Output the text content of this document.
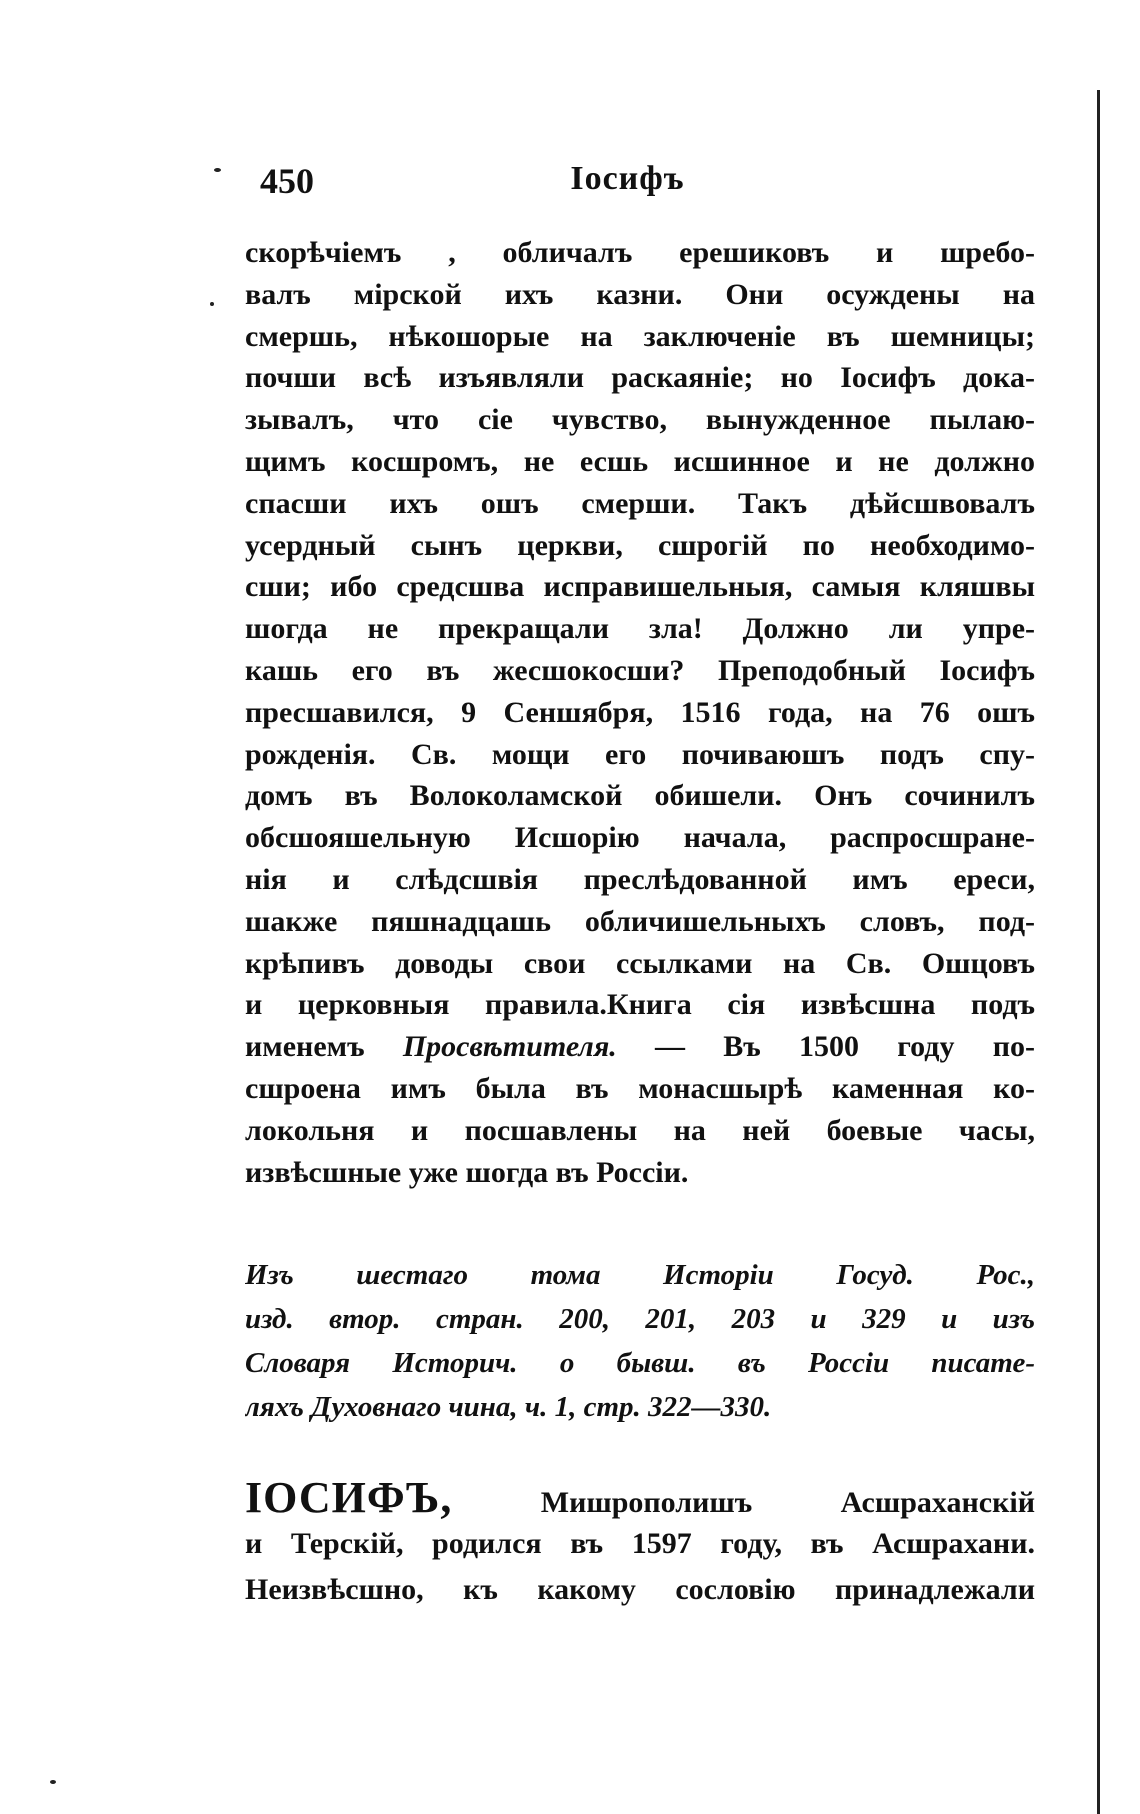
450	Іосифъ
скорѣчіемъ , обличалъ ерешиковъ и шребо-
валъ мірской ихъ казни. Они осуждены на
смершь, нѣкошорые на заключеніе въ шемницы;
почши всѣ изъявляли раскаяніе; но Іосифъ дока-
зывалъ, что сіе чувство, вынужденное пылаю-
щимъ косшромъ, не есшь исшинное и не должно
спасши ихъ ошъ смерши. Такъ дѣйсшвовалъ
усердный сынъ церкви, сшрогій по необходимо-
сши; ибо средсшва исправишельныя, самыя кляшвы
шогда не прекращали зла! Должно ли упре-
кашь его въ жесшокосши? Преподобный Іосифъ
пресшавился, 9 Сеншября, 1516 года, на 76 ошъ
рожденія. Св. мощи его почиваюшъ подъ спу-
домъ въ Волоколамской обишели. Онъ сочинилъ
обсшояшельную Исшорію начала, распросшране-
нія и слѣдсшвія преслѣдованной имъ ереси,
шакже пяшнадцашь обличишельныхъ словъ, под-
крѣпивъ доводы свои ссылками на Св. Ошцовъ
и церковныя правила.Книга сія извѣсшна подъ
именемъ Просвѣтителя. — Въ 1500 году по-
сшроена имъ была въ монасшырѣ каменная ко-
локольня и посшавлены на ней боевые часы,
извѣсшные уже шогда въ Россіи.
Изъ шестаго тома Исторіи Госуд. Рос.,
изд. втор. стран. 200, 201, 203 и 329 и изъ
Словаря Историч. о бывш. въ Россіи писате-
ляхъ Духовнаго чина, ч. 1, стр. 322—330.
ІОСИФЪ, Мишрополишъ Асшраханскій
и Терскій, родился въ 1597 году, въ Асшрахани.
Неизвѣсшно, къ какому сословію принадлежали
